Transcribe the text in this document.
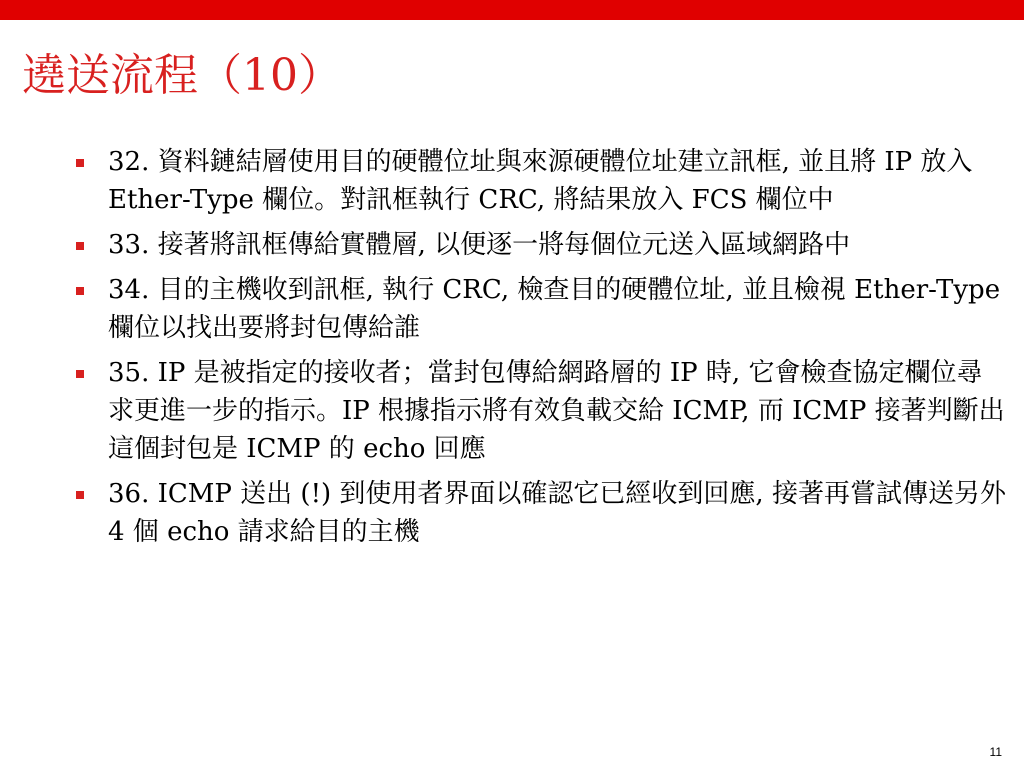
遶送流程（10）
32. 資料鏈結層使用目的硬體位址與來源硬體位址建立訊框, 並且將 IP 放入 Ether-Type 欄位。對訊框執行 CRC, 將結果放入 FCS 欄位中
33. 接著將訊框傳給實體層, 以便逐一將每個位元送入區域網路中
34. 目的主機收到訊框, 執行 CRC, 檢查目的硬體位址, 並且檢視 Ether-Type 欄位以找出要將封包傳給誰
35. IP 是被指定的接收者；當封包傳給網路層的 IP 時, 它會檢查協定欄位尋求更進一步的指示。IP 根據指示將有效負載交給 ICMP, 而 ICMP 接著判斷出這個封包是 ICMP 的 echo 回應
36. ICMP 送出 (!) 到使用者界面以確認它已經收到回應, 接著再嘗試傳送另外 4 個 echo 請求給目的主機
11
